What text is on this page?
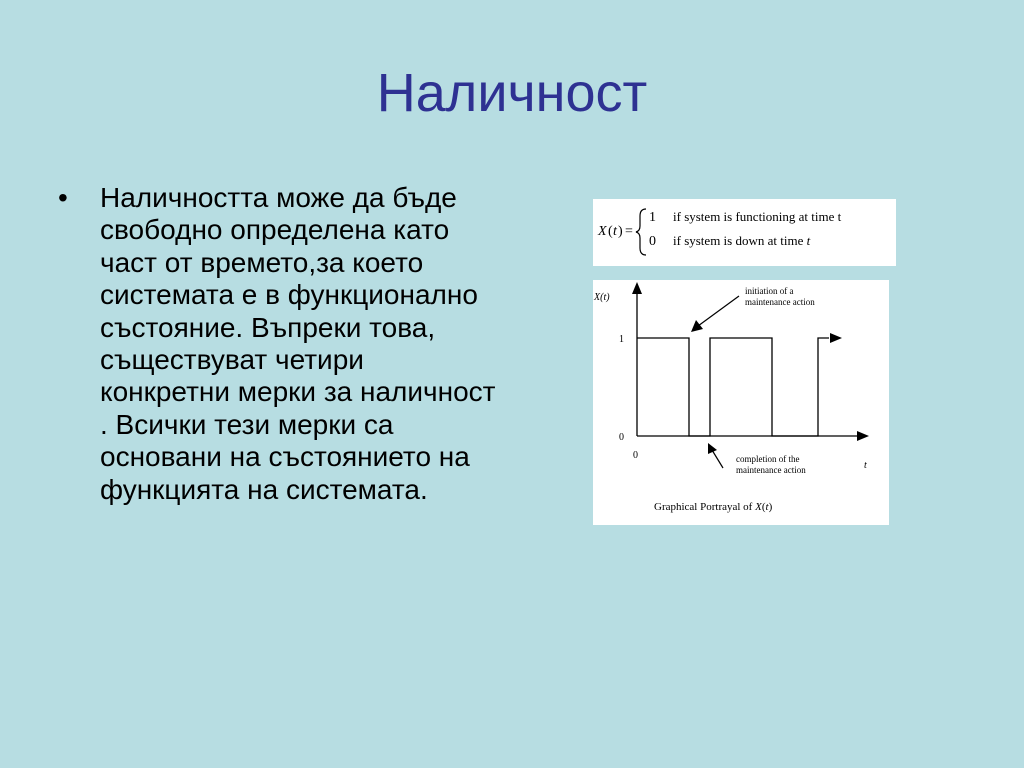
Наличност
• Наличността може да бъде свободно определена като част от времето,за което системата е в функционално състояние. Въпреки това, съществуват четири конкретни мерки за наличност . Всички тези мерки са основани на състоянието на функцията на системата.
X ( t ) =
1 if system is functioning at time t
0 if system is down at time t
X(t)
1
0
0
t
initiation of a
maintenance action
completion of the
maintenance action
Graphical Portrayal of X(t)
